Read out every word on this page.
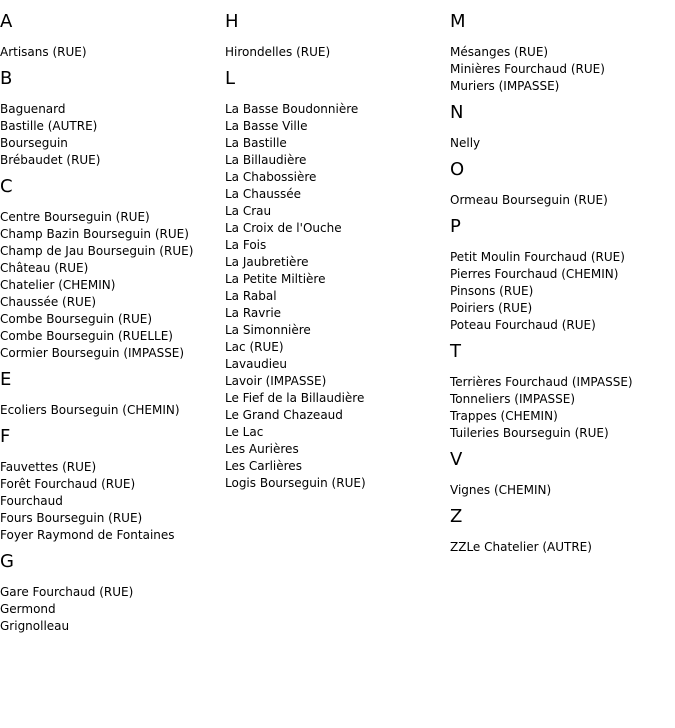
A
Artisans (RUE)
B
Baguenard
Bastille (AUTRE)
Bourseguin
Brébaudet (RUE)
C
Centre Bourseguin (RUE)
Champ Bazin Bourseguin (RUE)
Champ de Jau Bourseguin (RUE)
Château (RUE)
Chatelier (CHEMIN)
Chaussée (RUE)
Combe Bourseguin (RUE)
Combe Bourseguin (RUELLE)
Cormier Bourseguin (IMPASSE)
E
Ecoliers Bourseguin (CHEMIN)
F
Fauvettes (RUE)
Forêt Fourchaud (RUE)
Fourchaud
Fours Bourseguin (RUE)
Foyer Raymond de Fontaines
G
Gare Fourchaud (RUE)
Germond
Grignolleau
H
Hirondelles (RUE)
L
La Basse Boudonnière
La Basse Ville
La Bastille
La Billaudière
La Chabossière
La Chaussée
La Crau
La Croix de l'Ouche
La Fois
La Jaubretière
La Petite Miltière
La Rabal
La Ravrie
La Simonnière
Lac (RUE)
Lavaudieu
Lavoir (IMPASSE)
Le Fief de la Billaudière
Le Grand Chazeaud
Le Lac
Les Aurières
Les Carlières
Logis Bourseguin (RUE)
M
Mésanges (RUE)
Minières Fourchaud (RUE)
Muriers (IMPASSE)
N
Nelly
O
Ormeau Bourseguin (RUE)
P
Petit Moulin Fourchaud (RUE)
Pierres Fourchaud (CHEMIN)
Pinsons (RUE)
Poiriers (RUE)
Poteau Fourchaud (RUE)
T
Terrières Fourchaud (IMPASSE)
Tonneliers (IMPASSE)
Trappes (CHEMIN)
Tuileries Bourseguin (RUE)
V
Vignes (CHEMIN)
Z
ZZLe Chatelier (AUTRE)
